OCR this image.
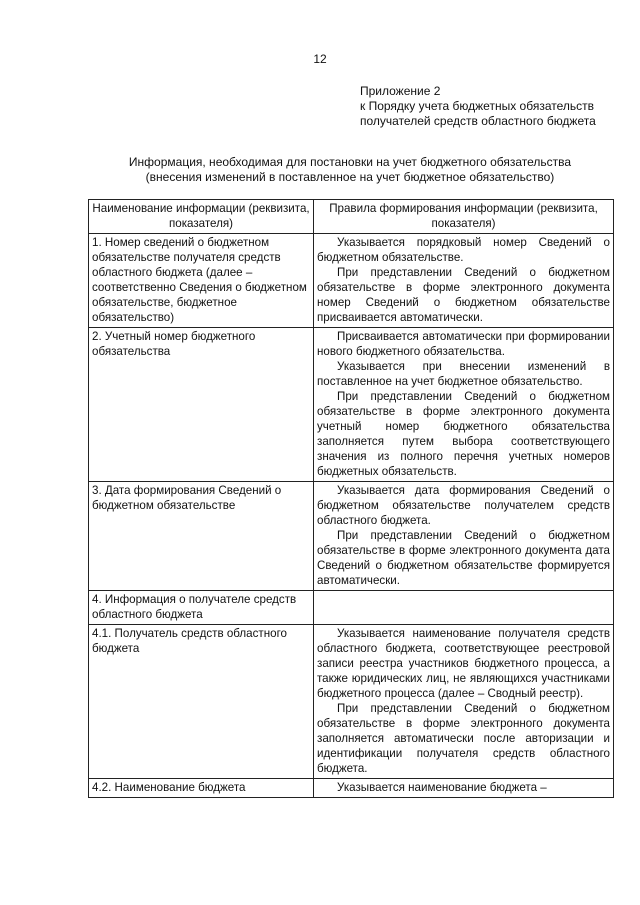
12
Приложение 2
к Порядку учета бюджетных обязательств
получателей средств областного бюджета
Информация, необходимая для постановки на учет бюджетного обязательства
(внесения изменений в поставленное на учет бюджетное обязательство)
Наименование информации (реквизита, показателя)	Правила формирования информации (реквизита, показателя)
1. Номер сведений о бюджетном обязательстве получателя средств областного бюджета (далее – соответственно Сведения о бюджетном обязательстве, бюджетное обязательство)	Указывается порядковый номер Сведений о бюджетном обязательстве.

При представлении Сведений о бюджетном обязательстве в форме электронного документа номер Сведений о бюджетном обязательстве присваивается автоматически.

2. Учетный номер бюджетного обязательства	Присваивается автоматически при формировании нового бюджетного обязательства.

Указывается при внесении изменений в поставленное на учет бюджетное обязательство.

При представлении Сведений о бюджетном обязательстве в форме электронного документа учетный номер бюджетного обязательства заполняется путем выбора соответствующего значения из полного перечня учетных номеров бюджетных обязательств.

3. Дата формирования Сведений о бюджетном обязательстве	Указывается дата формирования Сведений о бюджетном обязательстве получателем средств областного бюджета.

При представлении Сведений о бюджетном обязательстве в форме электронного документа дата Сведений о бюджетном обязательстве формируется автоматически.

4. Информация о получателе средств областного бюджета	
4.1. Получатель средств областного бюджета	Указывается наименование получателя средств областного бюджета, соответствующее реестровой записи реестра участников бюджетного процесса, а также юридических лиц, не являющихся участниками бюджетного процесса (далее – Сводный реестр).

При представлении Сведений о бюджетном обязательстве в форме электронного документа заполняется автоматически после авторизации и идентификации получателя средств областного бюджета.

4.2. Наименование бюджета	Указывается наименование бюджета –
